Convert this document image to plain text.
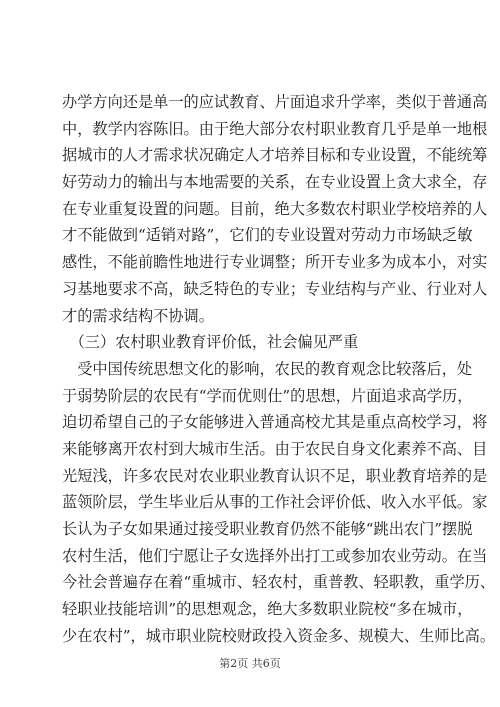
办学方向还是单一的应试教育、片面追求升学率，类似于普通高
中，教学内容陈旧。由于绝大部分农村职业教育几乎是单一地根
据城市的人才需求状况确定人才培养目标和专业设置，不能统筹
好劳动力的输出与本地需要的关系，在专业设置上贪大求全，存
在专业重复设置的问题。目前，绝大多数农村职业学校培养的人
才不能做到“适销对路”，它们的专业设置对劳动力市场缺乏敏
感性，不能前瞻性地进行专业调整；所开专业多为成本小，对实
习基地要求不高，缺乏特色的专业；专业结构与产业、行业对人
才的需求结构不协调。
　（三）农村职业教育评价低，社会偏见严重
　受中国传统思想文化的影响，农民的教育观念比较落后，处
于弱势阶层的农民有“学而优则仕”的思想，片面追求高学历，
迫切希望自己的子女能够进入普通高校尤其是重点高校学习，将
来能够离开农村到大城市生活。由于农民自身文化素养不高、目
光短浅，许多农民对农业职业教育认识不足，职业教育培养的是
蓝领阶层，学生毕业后从事的工作社会评价低、收入水平低。家
长认为子女如果通过接受职业教育仍然不能够“跳出农门”摆脱
农村生活，他们宁愿让子女选择外出打工或参加农业劳动。在当
今社会普遍存在着“重城市、轻农村，重普教、轻职教，重学历、
轻职业技能培训”的思想观念，绝大多数职业院校“多在城市，
少在农村”，城市职业院校财政投入资金多、规模大、生师比高。
第2页 共6页
